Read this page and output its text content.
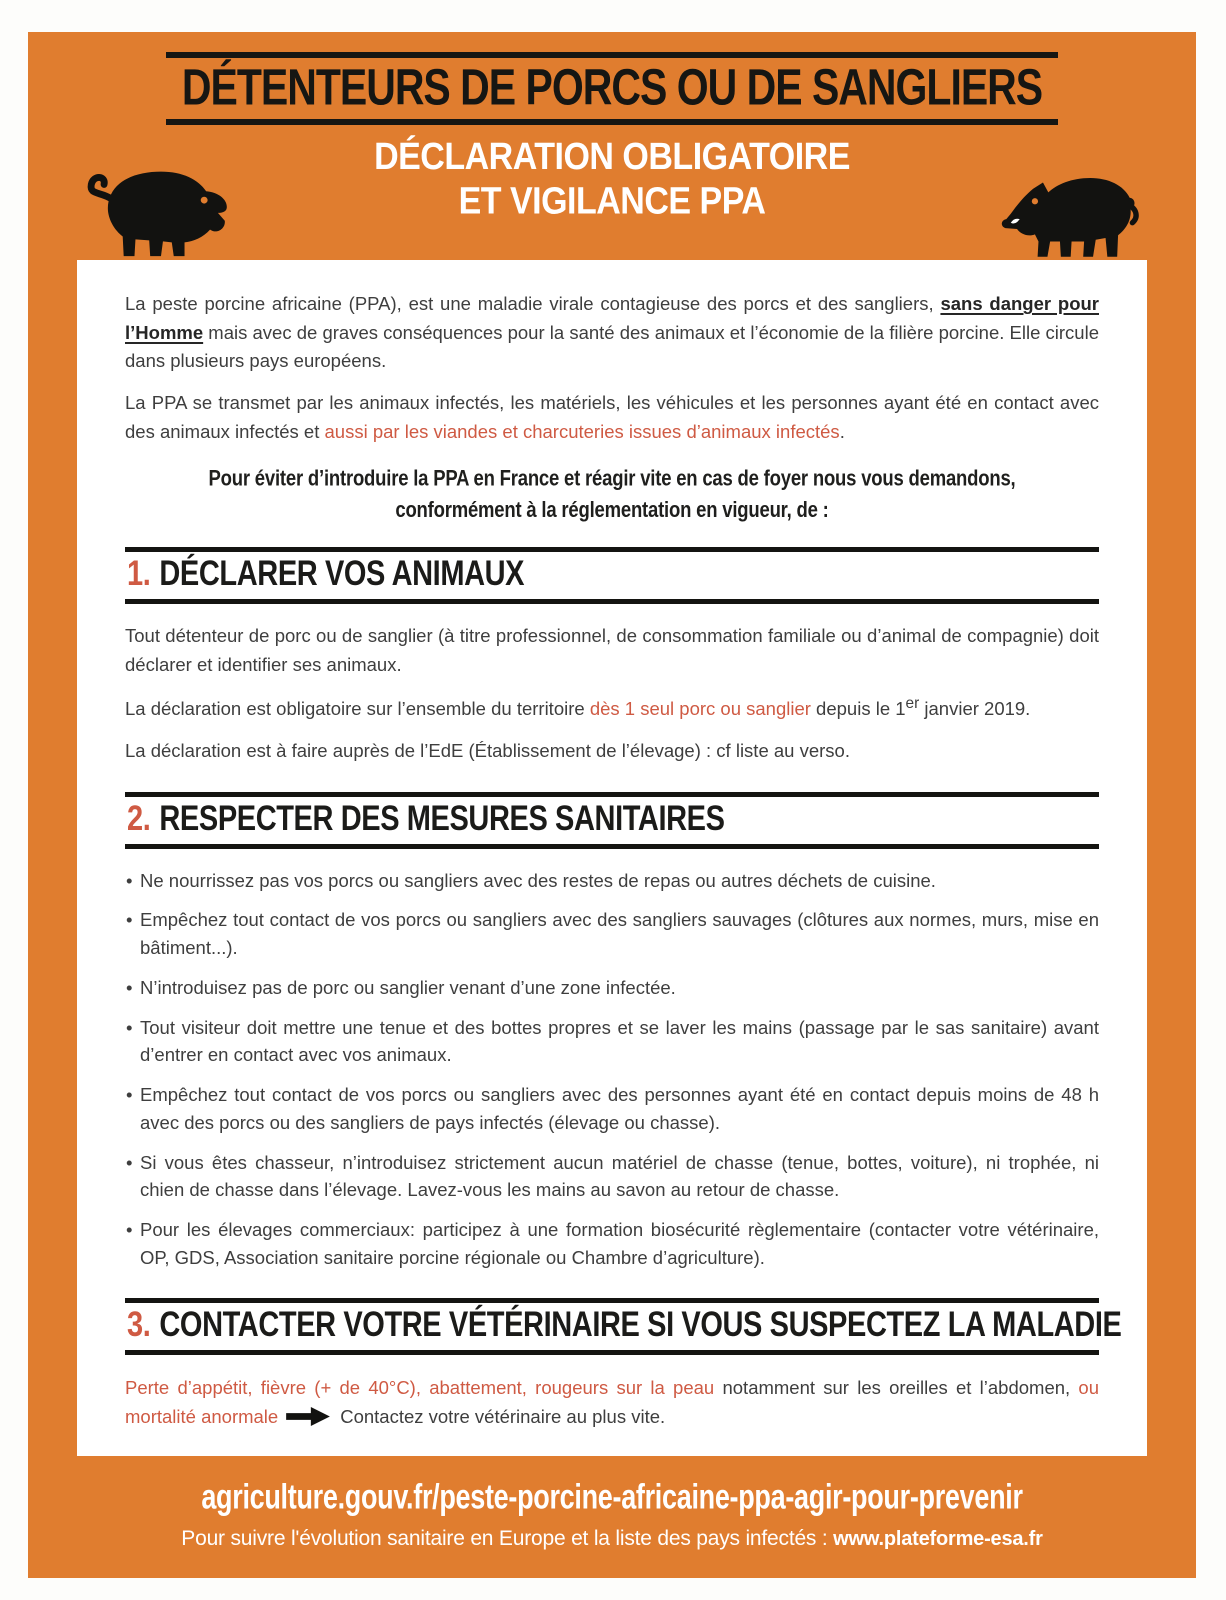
DÉTENTEURS DE PORCS OU DE SANGLIERS
DÉCLARATION OBLIGATOIRE
ET VIGILANCE PPA

La peste porcine africaine (PPA), est une maladie virale contagieuse des porcs et des sangliers, sans danger pour l’Homme mais avec de graves conséquences pour la santé des animaux et l’économie de la filière porcine. Elle circule dans plusieurs pays européens.

La PPA se transmet par les animaux infectés, les matériels, les véhicules et les personnes ayant été en contact avec des animaux infectés et aussi par les viandes et charcuteries issues d’animaux infectés.

Pour éviter d’introduire la PPA en France et réagir vite en cas de foyer nous vous demandons,
conformément à la réglementation en vigueur, de :
1. DÉCLARER VOS ANIMAUX

Tout détenteur de porc ou de sanglier (à titre professionnel, de consommation familiale ou d’animal de compagnie) doit déclarer et identifier ses animaux.

La déclaration est obligatoire sur l’ensemble du territoire dès 1 seul porc ou sanglier depuis le 1er janvier 2019.

La déclaration est à faire auprès de l’EdE (Établissement de l’élevage) : cf liste au verso.

2. RESPECTER DES MESURES SANITAIRES
• Ne nourrissez pas vos porcs ou sangliers avec des restes de repas ou autres déchets de cuisine.
• Empêchez tout contact de vos porcs ou sangliers avec des sangliers sauvages (clôtures aux normes, murs, mise en bâtiment...).
• N’introduisez pas de porc ou sanglier venant d’une zone infectée.
• Tout visiteur doit mettre une tenue et des bottes propres et se laver les mains (passage par le sas sanitaire) avant d’entrer en contact avec vos animaux.
• Empêchez tout contact de vos porcs ou sangliers avec des personnes ayant été en contact depuis moins de 48 h avec des porcs ou des sangliers de pays infectés (élevage ou chasse).
• Si vous êtes chasseur, n’introduisez strictement aucun matériel de chasse (tenue, bottes, voiture), ni trophée, ni chien de chasse dans l’élevage. Lavez-vous les mains au savon au retour de chasse.
• Pour les élevages commerciaux: participez à une formation biosécurité règlementaire (contacter votre vétérinaire, OP, GDS, Association sanitaire porcine régionale ou Chambre d’agriculture).
3. CONTACTER VOTRE VÉTÉRINAIRE SI VOUS SUSPECTEZ LA MALADIE

Perte d’appétit, fièvre (+ de 40°C), abattement, rougeurs sur la peau notamment sur les oreilles et l’abdomen, ou mortalité anormale	Contactez votre vétérinaire au plus vite.

agriculture.gouv.fr/peste-porcine-africaine-ppa-agir-pour-prevenir
Pour suivre l'évolution sanitaire en Europe et la liste des pays infectés : www.plateforme-esa.fr
